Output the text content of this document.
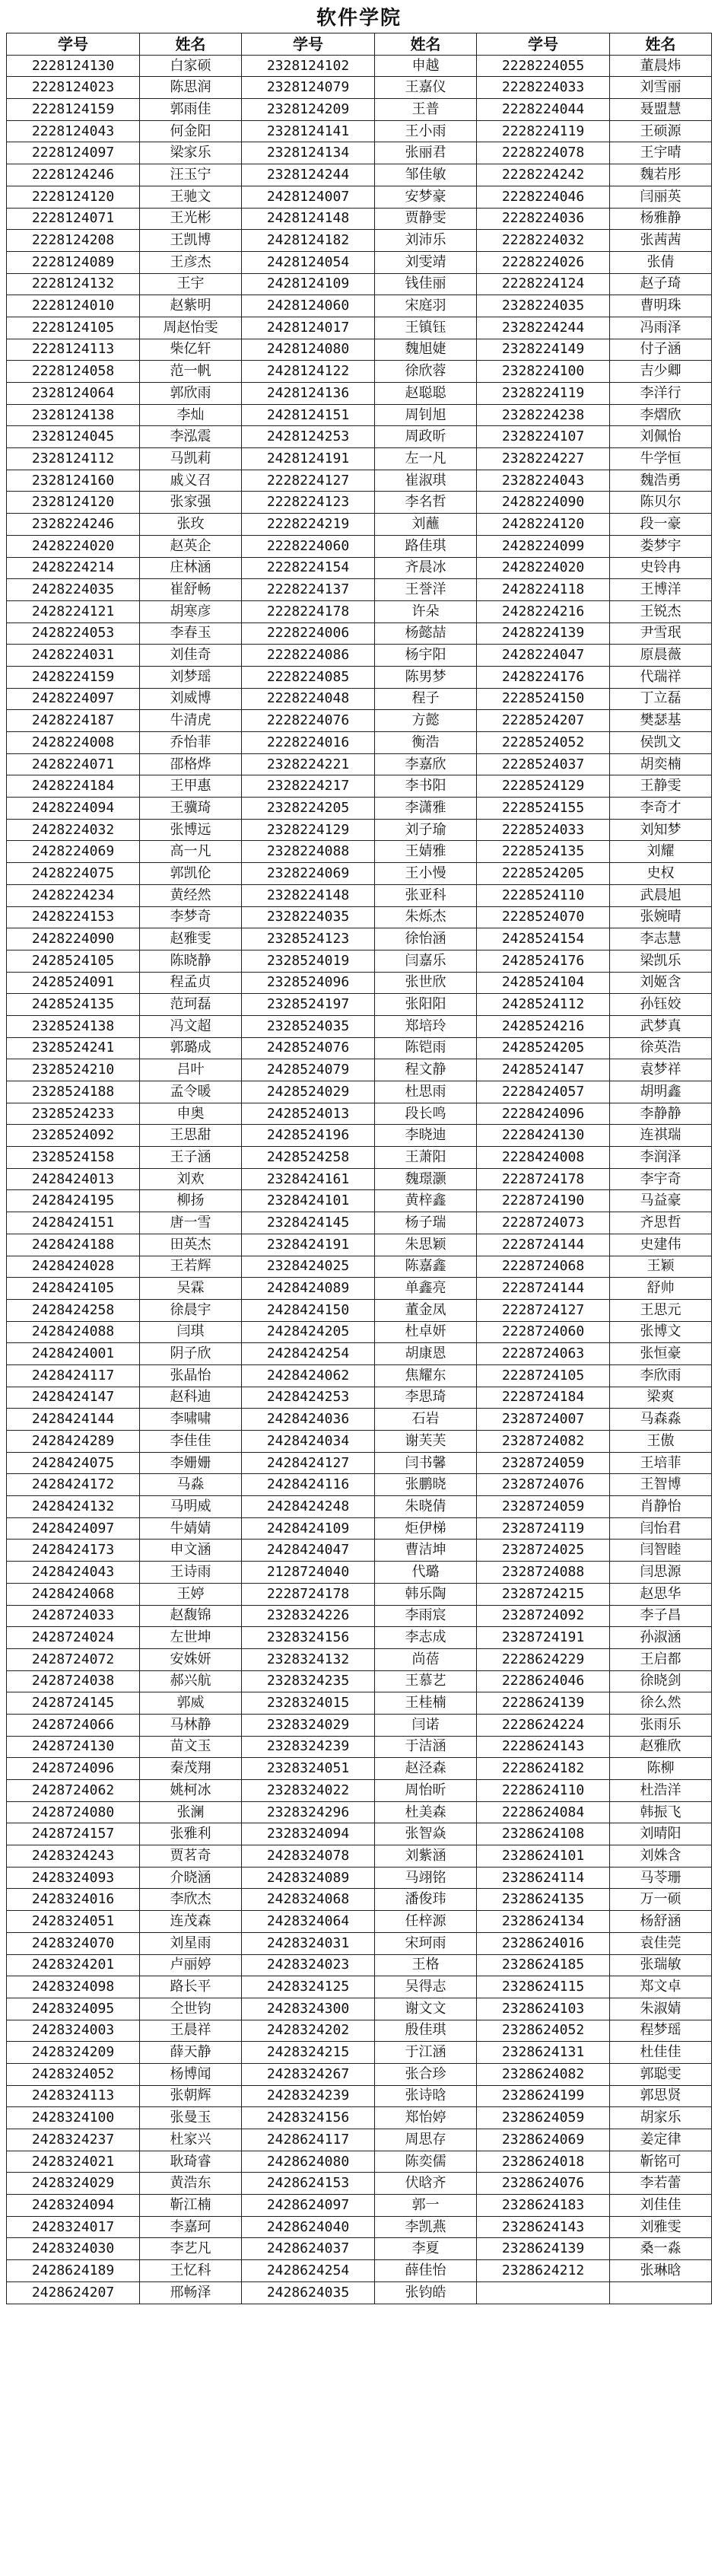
软件学院
学号	姓名	学号	姓名	学号	姓名
2228124130	白家硕	2328124102	申越	2228224055	董晨炜
2228124023	陈思润	2328124079	王嘉仪	2228224033	刘雪丽
2228124159	郭雨佳	2328124209	王普	2228224044	聂盟慧
2228124043	何金阳	2328124141	王小雨	2228224119	王硕源
2228124097	梁家乐	2328124134	张丽君	2228224078	王宇晴
2228124246	汪玉宁	2328124244	邹佳敏	2228224242	魏若彤
2228124120	王驰文	2428124007	安梦豪	2228224046	闫丽英
2228124071	王光彬	2428124148	贾静雯	2228224036	杨雅静
2228124208	王凯博	2428124182	刘沛乐	2228224032	张茜茜
2228124089	王彦杰	2428124054	刘雯靖	2228224026	张倩
2228124132	王宇	2428124109	钱佳丽	2228224124	赵子琦
2228124010	赵紫明	2428124060	宋庭羽	2328224035	曹明珠
2228124105	周赵怡雯	2428124017	王镇钰	2328224244	冯雨泽
2228124113	柴亿轩	2428124080	魏旭婕	2328224149	付子涵
2228124058	范一帆	2428124122	徐欣蓉	2328224100	吉少卿
2328124064	郭欣雨	2428124136	赵聪聪	2328224119	李洋行
2328124138	李灿	2428124151	周钊旭	2328224238	李熠欣
2328124045	李泓震	2428124253	周政昕	2328224107	刘佩怡
2328124112	马凯莉	2428124191	左一凡	2328224227	牛学恒
2328124160	戚义召	2228224127	崔淑琪	2328224043	魏浩勇
2328124120	张家强	2228224123	李名哲	2428224090	陈贝尔
2328224246	张玫	2228224219	刘蘸	2428224120	段一豪
2428224020	赵英企	2228224060	路佳琪	2428224099	娄梦宇
2428224214	庄林涵	2228224154	齐晨冰	2428224020	史铃冉
2428224035	崔舒畅	2228224137	王誉洋	2428224118	王博洋
2428224121	胡寒彦	2228224178	许朵	2428224216	王锐杰
2428224053	李春玉	2228224006	杨懿喆	2428224139	尹雪珉
2428224031	刘佳奇	2228224086	杨宇阳	2428224047	原晨薇
2428224159	刘梦瑶	2228224085	陈男梦	2428224176	代瑞祥
2428224097	刘威博	2228224048	程子	2228524150	丁立磊
2428224187	牛清虎	2228224076	方懿	2228524207	樊瑟基
2428224008	乔怡菲	2228224016	衡浩	2228524052	侯凯文
2428224071	邵格烨	2328224221	李嘉欣	2228524037	胡奕楠
2428224184	王甲惠	2328224217	李书阳	2228524129	王静雯
2428224094	王骥琦	2328224205	李潇雅	2228524155	李奇才
2428224032	张博远	2328224129	刘子瑜	2228524033	刘知梦
2428224069	高一凡	2328224088	王婧雅	2228524135	刘耀
2428224075	郭凯伦	2328224069	王小慢	2228524205	史权
2428224234	黄经然	2328224148	张亚科	2228524110	武晨旭
2428224153	李梦奇	2328224035	朱烁杰	2228524070	张婉晴
2428224090	赵雅雯	2328524123	徐怡涵	2428524154	李志慧
2428524105	陈晓静	2328524019	闫嘉乐	2428524176	梁凯乐
2428524091	程孟贞	2328524096	张世欣	2428524104	刘姬含
2428524135	范珂磊	2328524197	张阳阳	2428524112	孙钰姣
2328524138	冯文超	2328524035	郑培玲	2428524216	武梦真
2328524241	郭璐成	2428524076	陈铠雨	2428524205	徐英浩
2328524210	吕叶	2428524079	程文静	2428524147	袁梦祥
2328524188	孟令暖	2428524029	杜思雨	2228424057	胡明鑫
2328524233	申奥	2428524013	段长鸣	2228424096	李静静
2328524092	王思甜	2428524196	李晓迪	2228424130	连祺瑞
2328524158	王子涵	2428524258	王萧阳	2228424008	李润泽
2428424013	刘欢	2328424161	魏璟灏	2228724178	李宇奇
2428424195	柳扬	2328424101	黄梓鑫	2228724190	马益豪
2428424151	唐一雪	2328424145	杨子瑞	2228724073	齐思哲
2428424188	田英杰	2328424191	朱思颖	2228724144	史建伟
2428424028	王若辉	2328424025	陈嘉鑫	2228724068	王颖
2428424105	吴霖	2428424089	单鑫亮	2228724144	舒帅
2428424258	徐晨宇	2428424150	董金凤	2228724127	王思元
2428424088	闫琪	2428424205	杜卓妍	2228724060	张博文
2428424001	阴子欣	2428424254	胡康恩	2228724063	张恒豪
2428424117	张晶怡	2428424062	焦耀东	2228724105	李欣雨
2428424147	赵科迪	2428424253	李思琦	2228724184	梁爽
2428424144	李啸啸	2428424036	石岩	2328724007	马森淼
2428424289	李佳佳	2428424034	谢芙芙	2328724082	王傲
2428424075	李姗姗	2428424127	闫书馨	2328724059	王培菲
2428424172	马淼	2428424116	张鹏晓	2328724076	王智博
2428424132	马明威	2428424248	朱晓倩	2328724059	肖静怡
2428424097	牛婧婧	2428424109	炬伊梯	2328724119	闫怡君
2428424173	申文涵	2428424047	曹洁坤	2328724025	闫智睦
2428424043	王诗雨	2128724040	代璐	2328724088	闫思源
2428424068	王婷	2228724178	韩乐陶	2328724215	赵思华
2428724033	赵馥锦	2328324226	李雨宸	2328724092	李子昌
2428724024	左世坤	2328324156	李志成	2328724191	孙淑涵
2428724072	安姝妍	2328324132	尚蓓	2228624229	王启都
2428724038	郝兴航	2328324235	王慕艺	2228624046	徐晓剑
2428724145	郭威	2328324015	王桂楠	2228624139	徐么然
2428724066	马林静	2328324029	闫诺	2228624224	张雨乐
2428724130	苗文玉	2328324239	于洁涵	2228624143	赵雅欣
2428724096	秦茂翔	2328324051	赵泾森	2228624182	陈柳
2428724062	姚柯冰	2328324022	周怡昕	2228624110	杜浩洋
2428724080	张澜	2328324296	杜美森	2228624084	韩振飞
2428724157	张雅利	2328324094	张智焱	2328624108	刘晴阳
2428324243	贾茗奇	2428324078	刘紫涵	2328624101	刘姝含
2428324093	介晓涵	2428324089	马翊铭	2328624114	马苓珊
2428324016	李欣杰	2428324068	潘俊玮	2328624135	万一硕
2428324051	连茂森	2428324064	任梓源	2328624134	杨舒涵
2428324070	刘星雨	2428324031	宋珂雨	2328624016	袁佳莞
2428324201	卢丽婷	2428324023	王格	2328624185	张瑞敏
2428324098	路长平	2428324125	吴得志	2328624115	郑文卓
2428324095	仝世钧	2428324300	谢文文	2328624103	朱淑婧
2428324003	王晨祥	2428324202	殷佳琪	2328624052	程梦瑶
2428324209	薛天静	2428324215	于江涵	2328624131	杜佳佳
2428324052	杨博闻	2428324267	张合珍	2328624082	郭聪雯
2428324113	张朝辉	2428324239	张诗晗	2328624199	郭思贤
2428324100	张曼玉	2428324156	郑怡婷	2328624059	胡家乐
2428324237	杜家兴	2428624117	周思存	2328624069	姜定律
2428324021	耿琦睿	2428624080	陈奕儒	2328624018	靳铭可
2428324029	黄浩东	2428624153	伏晗齐	2328624076	李若蕾
2428324094	靳江楠	2428624097	郭一	2328624183	刘佳佳
2428324017	李嘉珂	2428624040	李凯燕	2328624143	刘雅雯
2428324030	李艺凡	2428624037	李夏	2328624139	桑一淼
2428624189	王忆科	2428624254	薛佳怡	2328624212	张琳晗
2428624207	邢畅泽	2428624035	张钧皓		
